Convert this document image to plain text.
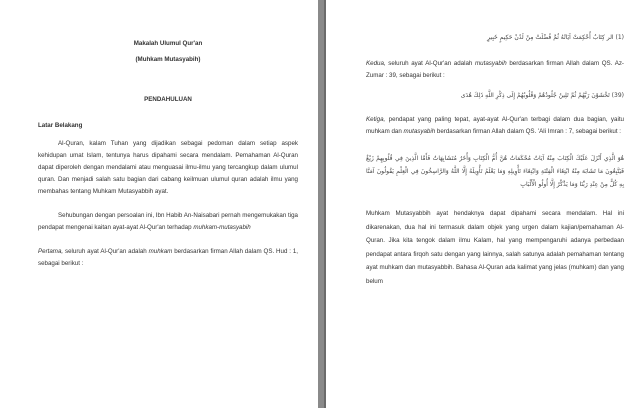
Makalah Ulumul Qur'an

(Muhkam Mutasyabih)

PENDAHULUAN

Latar Belakang

Al-Quran, kalam Tuhan yang dijadikan sebagai pedoman dalam setiap aspek kehidupan umat Islam, tentunya harus dipahami secara mendalam. Pemahaman Al-Quran dapat diperoleh dengan mendalami atau menguasai ilmu-ilmu yang tercangkup dalam ulumul quran. Dan menjadi salah satu bagian dari cabang keilmuan ulumul quran adalah ilmu yang membahas tentang Muhkam Mutasyabbih ayat.

Sehubungan dengan persoalan ini, Ibn Habib An-Naisabari pernah mengemukakan tiga pendapat mengenai kaitan ayat-ayat Al-Qur'an terhadap muhkam-mutasyabih

Pertama, seluruh ayat Al-Qur'an adalah muhkam berdasarkan firman Allah dalam QS. Hud : 1, sebagai berikut :

(1) الر كِتَابٌ أُحْكِمَتْ آيَاتُهُ ثُمَّ فُصِّلَتْ مِنْ لَدُنْ حَكِيمٍ خَبِيرٍ

Kedua, seluruh ayat Al-Qur'an adalah mutasyabih berdasarkan firman Allah dalam QS. Az-Zumar : 39, sebagai berikut :

(39) تَخْشَوْنَ رَبَّهُمْ ثُمَّ تَلِينُ جُلُودُهُمْ وَقُلُوبُهُمْ إِلَى ذِكْرِ اللَّهِ ذَلِكَ هُدَى

Ketiga, pendapat yang paling tepat, ayat-ayat Al-Qur'an terbagi dalam dua bagian, yaitu muhkam dan mutasyabih berdasarkan firman Allah dalam QS. 'Ali Imran : 7, sebagai berikut :

هُوَ الَّذِي أَنْزَلَ عَلَيْكَ الْكِتَابَ مِنْهُ آيَاتٌ مُحْكَمَاتٌ هُنَّ أُمُّ الْكِتَابِ وَأُخَرُ مُتَشَابِهَاتٌ فَأَمَّا الَّذِينَ فِي قُلُوبِهِمْ زَيْغٌ فَيَتَّبِعُونَ مَا تَشَابَهَ مِنْهُ ابْتِغَاءَ الْفِتْنَةِ وَابْتِغَاءَ تَأْوِيلِهِ وَمَا يَعْلَمُ تَأْوِيلَهُ إِلَّا اللَّهُ وَالرَّاسِخُونَ فِي الْعِلْمِ يَقُولُونَ آمَنَّا بِهِ كُلٌّ مِنْ عِنْدِ رَبِّنَا وَمَا يَذَّكَّرُ إِلَّا أُولُو الْأَلْبَابِ

Muhkam Mutasyabbih ayat hendaknya dapat dipahami secara mendalam. Hal ini dikarenakan, dua hal ini termasuk dalam objek yang urgen dalam kajian/pemahaman Al-Quran. Jika kita tengok dalam ilmu Kalam, hal yang mempengaruhi adanya perbedaan pendapat antara firqoh satu dengan yang lainnya, salah satunya adalah pemahaman tentang ayat muhkam dan mutasyabbih. Bahasa Al-Quran ada kalimat yang jelas (muhkam) dan yang belum
